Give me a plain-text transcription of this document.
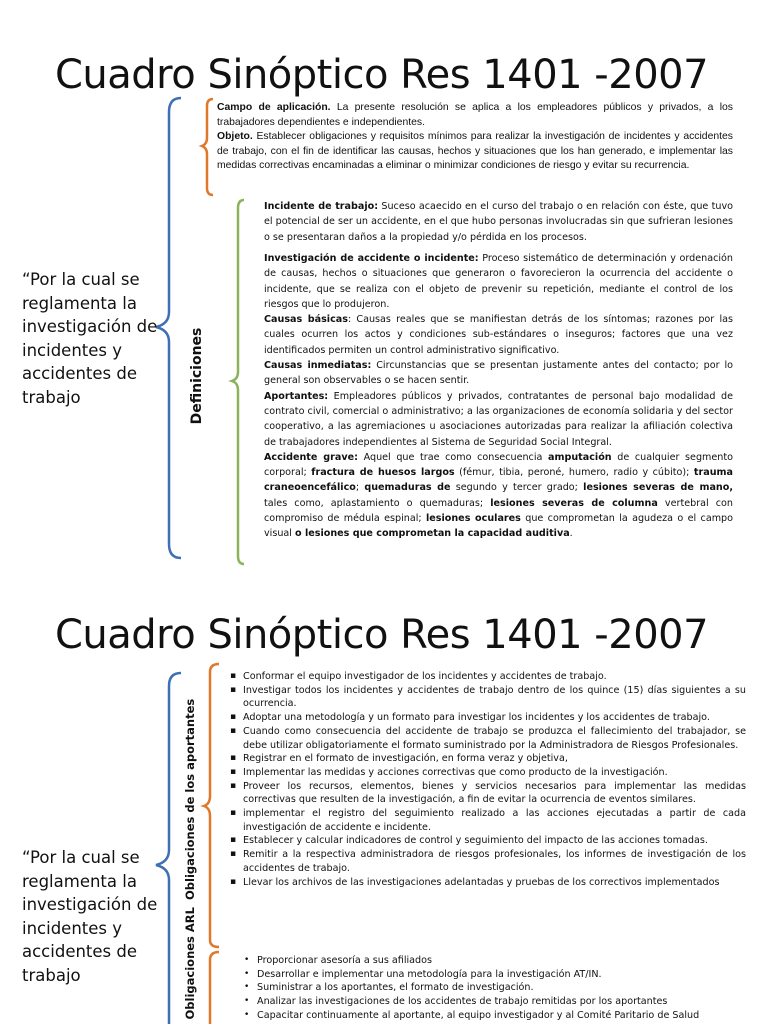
Cuadro Sinóptico Res 1401 -2007
“Por la cual se reglamenta la investigación de incidentes y accidentes de trabajo	Definiciones

Campo de aplicación. La presente resolución se aplica a los empleadores públicos y privados, a los trabajadores dependientes e independientes.

Objeto. Establecer obligaciones y requisitos mínimos para realizar la investigación de incidentes y accidentes de trabajo, con el fin de identificar las causas, hechos y situaciones que los han generado, e implementar las medidas correctivas encaminadas a eliminar o minimizar condiciones de riesgo y evitar su recurrencia.

Incidente de trabajo: Suceso acaecido en el curso del trabajo o en relación con éste, que tuvo el potencial de ser un accidente, en el que hubo personas involucradas sin que sufrieran lesiones o se presentaran daños a la propiedad y/o pérdida en los procesos.

Investigación de accidente o incidente: Proceso sistemático de determinación y ordenación de causas, hechos o situaciones que generaron o favorecieron la ocurrencia del accidente o incidente, que se realiza con el objeto de prevenir su repetición, mediante el control de los riesgos que lo produjeron.

Causas básicas: Causas reales que se manifiestan detrás de los síntomas; razones por las cuales ocurren los actos y condiciones sub-estándares o inseguros; factores que una vez identificados permiten un control administrativo significativo.

Causas inmediatas: Circunstancias que se presentan justamente antes del contacto; por lo general son observables o se hacen sentir.

Aportantes: Empleadores públicos y privados, contratantes de personal bajo modalidad de contrato civil, comercial o administrativo; a las organizaciones de economía solidaria y del sector cooperativo, a las agremiaciones u asociaciones autorizadas para realizar la afiliación colectiva de trabajadores independientes al Sistema de Seguridad Social Integral.

Accidente grave: Aquel que trae como consecuencia amputación de cualquier segmento corporal; fractura de huesos largos (fémur, tibia, peroné, humero, radio y cúbito); trauma craneoencefálico; quemaduras de segundo y tercer grado; lesiones severas de mano, tales como, aplastamiento o quemaduras; lesiones severas de columna vertebral con compromiso de médula espinal; lesiones oculares que comprometan la agudeza o el campo visual o lesiones que comprometan la capacidad auditiva.

Cuadro Sinóptico Res 1401 -2007
“Por la cual se reglamenta la investigación de incidentes y accidentes de trabajo
Obligaciones de los aportantes
Obligaciones ARL
▪ Conformar el equipo investigador de los incidentes y accidentes de trabajo.
▪ Investigar todos los incidentes y accidentes de trabajo dentro de los quince (15) días siguientes a su ocurrencia.
▪ Adoptar una metodología y un formato para investigar los incidentes y los accidentes de trabajo.
▪ Cuando como consecuencia del accidente de trabajo se produzca el fallecimiento del trabajador, se debe utilizar obligatoriamente el formato suministrado por la Administradora de Riesgos Profesionales.
▪ Registrar en el formato de investigación, en forma veraz y objetiva,
▪ Implementar las medidas y acciones correctivas que como producto de la investigación.
▪ Proveer los recursos, elementos, bienes y servicios necesarios para implementar las medidas correctivas que resulten de la investigación, a fin de evitar la ocurrencia de eventos similares.
▪ implementar el registro del seguimiento realizado a las acciones ejecutadas a partir de cada investigación de accidente e incidente.
▪ Establecer y calcular indicadores de control y seguimiento del impacto de las acciones tomadas.
▪ Remitir a la respectiva administradora de riesgos profesionales, los informes de investigación de los accidentes de trabajo.
▪ Llevar los archivos de las investigaciones adelantadas y pruebas de los correctivos implementados
• Proporcionar asesoría a sus afiliados
• Desarrollar e implementar una metodología para la investigación AT/IN.
• Suministrar a los aportantes, el formato de investigación.
• Analizar las investigaciones de los accidentes de trabajo remitidas por los aportantes
• Capacitar continuamente al aportante, al equipo investigador y al Comité Paritario de Salud
